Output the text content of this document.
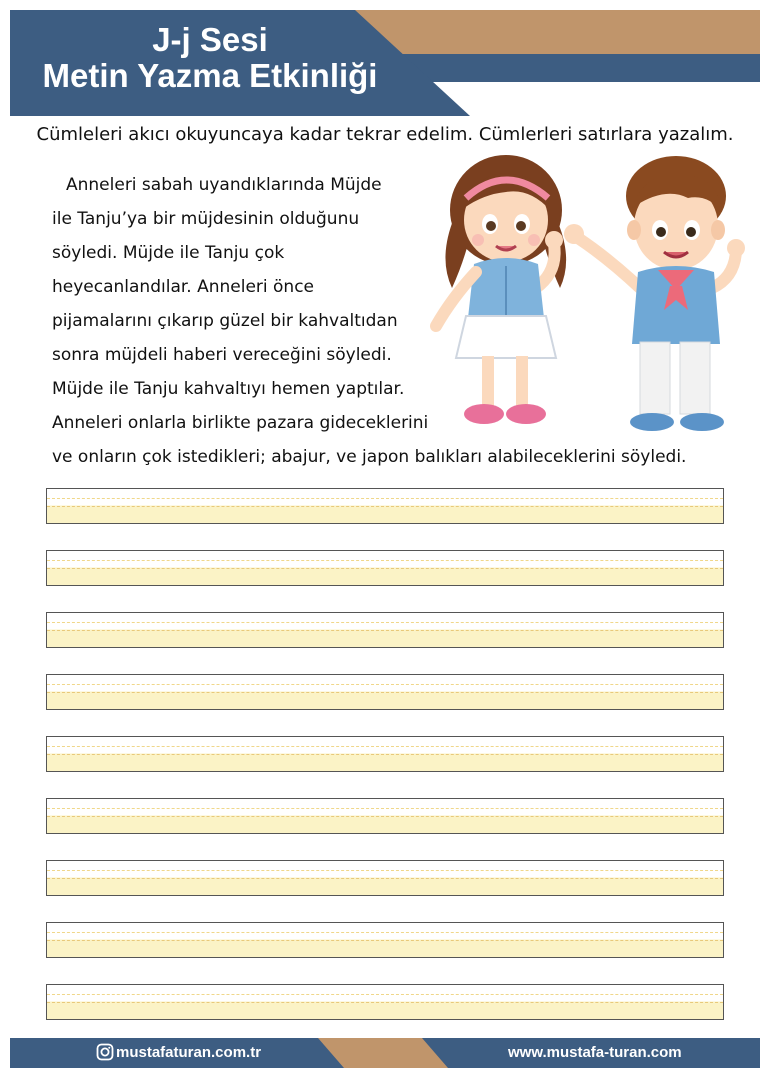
J-j Sesi
Metin Yazma Etkinliği
Cümleleri akıcı okuyuncaya kadar tekrar edelim. Cümlerleri satırlara yazalım.
Anneleri sabah uyandıklarında Müjde
ile Tanju’ya bir müjdesinin olduğunu
söyledi. Müjde ile Tanju çok
heyecanlandılar. Anneleri önce
pijamalarını çıkarıp güzel bir kahvaltıdan
sonra müjdeli haberi vereceğini söyledi.
Müjde ile Tanju kahvaltıyı hemen yaptılar.
Anneleri onlarla birlikte pazara gideceklerini
ve onların çok istedikleri; abajur, ve japon balıkları alabileceklerini söyledi.
mustafaturan.com.tr	www.mustafa-turan.com
